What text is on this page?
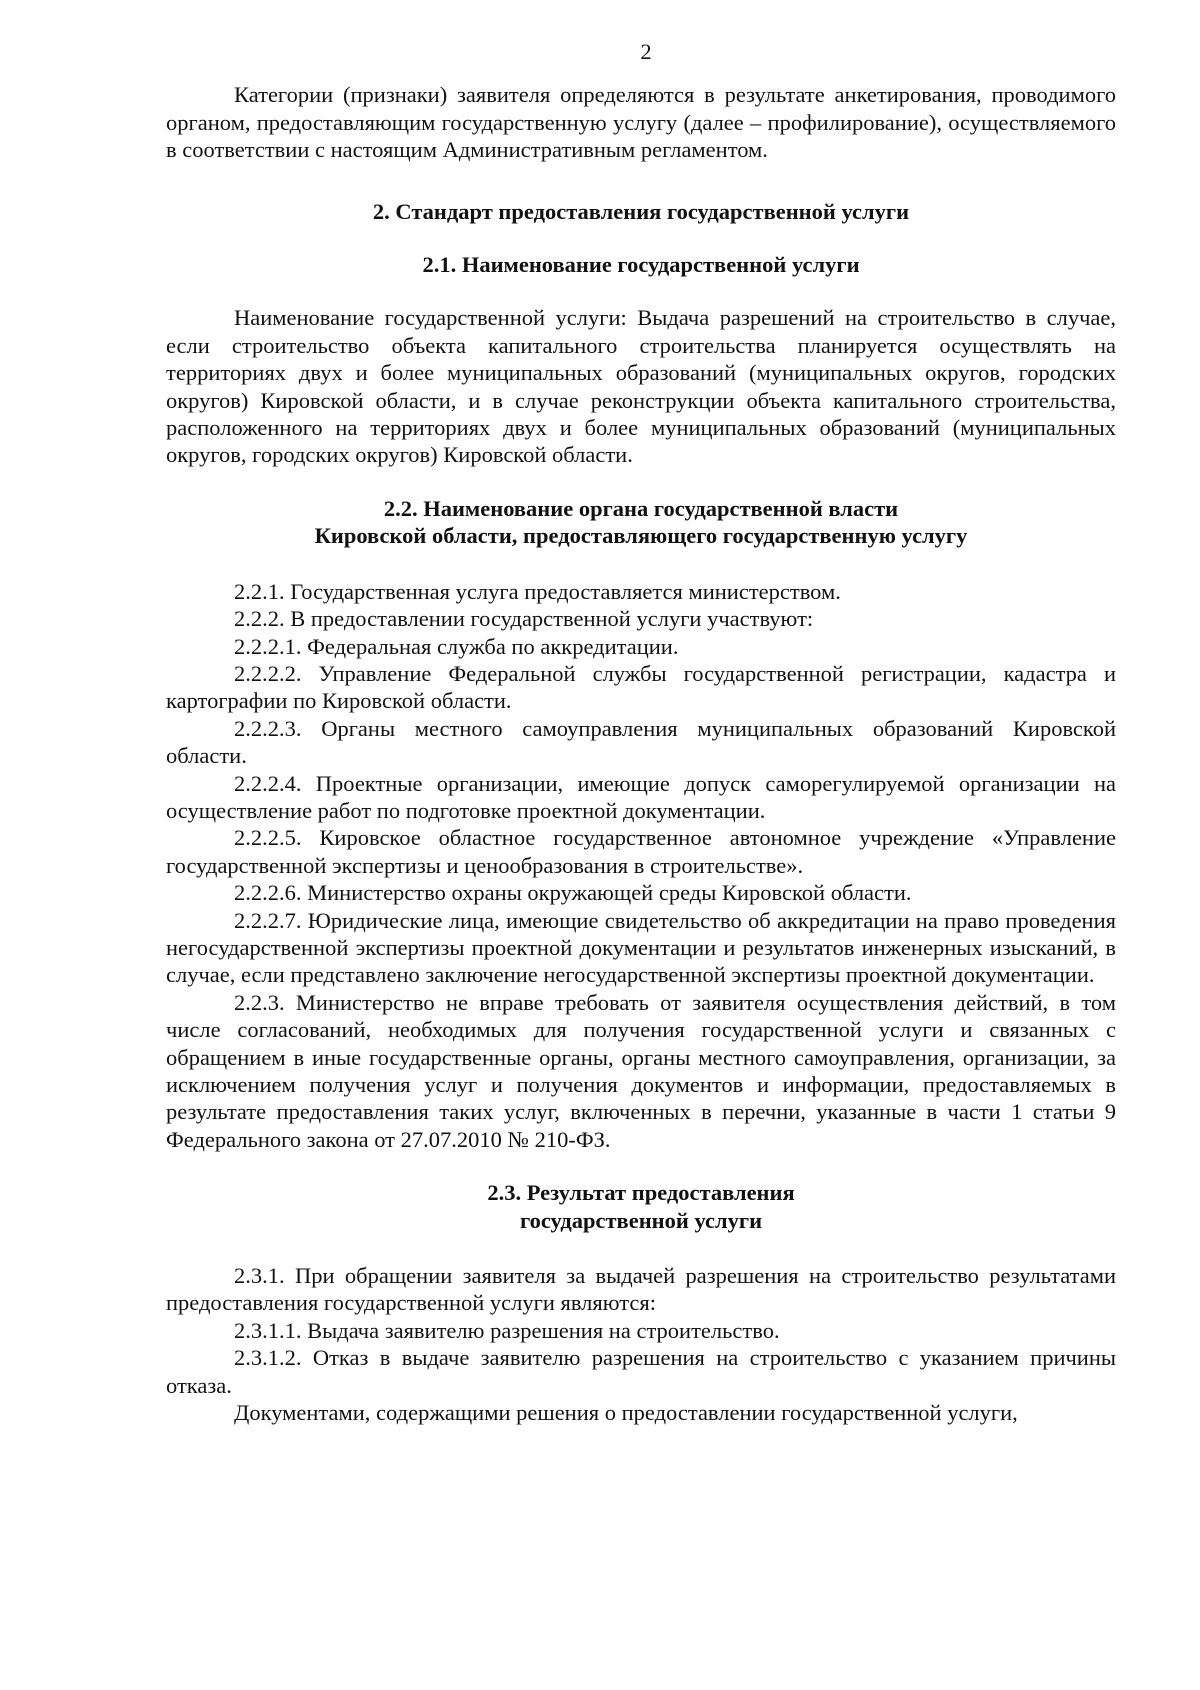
2

Категории (признаки) заявителя определяются в результате анкетирования, проводимого органом, предоставляющим государственную услугу (далее – профилирование), осуществляемого в соответствии с настоящим Административным регламентом.

2. Стандарт предоставления государственной услуги
2.1. Наименование государственной услуги

Наименование государственной услуги: Выдача разрешений на строительство в случае, если строительство объекта капитального строительства планируется осуществлять на территориях двух и более муниципальных образований (муниципальных округов, городских округов) Кировской области, и в случае реконструкции объекта капитального строительства, расположенного на территориях двух и более муниципальных образований (муниципальных округов, городских округов) Кировской области.

2.2. Наименование органа государственной власти
Кировской области, предоставляющего государственную услугу

2.2.1. Государственная услуга предоставляется министерством.

2.2.2. В предоставлении государственной услуги участвуют:

2.2.2.1. Федеральная служба по аккредитации.

2.2.2.2. Управление Федеральной службы государственной регистрации, кадастра и картографии по Кировской области.

2.2.2.3. Органы местного самоуправления муниципальных образований Кировской области.

2.2.2.4. Проектные организации, имеющие допуск саморегулируемой организации на осуществление работ по подготовке проектной документации.

2.2.2.5. Кировское областное государственное автономное учреждение «Управление государственной экспертизы и ценообразования в строительстве».

2.2.2.6. Министерство охраны окружающей среды Кировской области.

2.2.2.7. Юридические лица, имеющие свидетельство об аккредитации на право проведения негосударственной экспертизы проектной документации и результатов инженерных изысканий, в случае, если представлено заключение негосударственной экспертизы проектной документации.

2.2.3. Министерство не вправе требовать от заявителя осуществления действий, в том числе согласований, необходимых для получения государственной услуги и связанных с обращением в иные государственные органы, органы местного самоуправления, организации, за исключением получения услуг и получения документов и информации, предоставляемых в результате предоставления таких услуг, включенных в перечни, указанные в части 1 статьи 9 Федерального закона от 27.07.2010 № 210-ФЗ.

2.3. Результат предоставления
государственной услуги

2.3.1. При обращении заявителя за выдачей разрешения на строительство результатами предоставления государственной услуги являются:

2.3.1.1. Выдача заявителю разрешения на строительство.

2.3.1.2. Отказ в выдаче заявителю разрешения на строительство с указанием причины отказа.

Документами, содержащими решения о предоставлении государственной услуги,
